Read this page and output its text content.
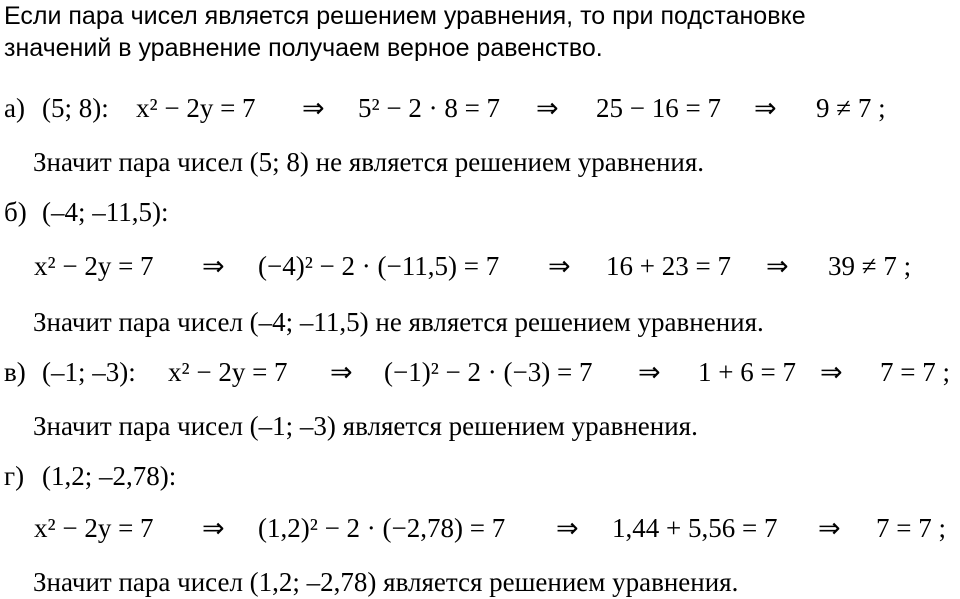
Если пара чисел является решением уравнения, то при подстановке
значений в уравнение получаем верное равенство.
а) (5; 8): x² − 2y = 7 ⇒ 5² − 2 · 8 = 7 ⇒ 25 − 16 = 7 ⇒ 9 ≠ 7 ;
Значит пара чисел (5; 8) не является решением уравнения.
б) (–4; –11,5):
x² − 2y = 7 ⇒ (−4)² − 2 · (−11,5) = 7 ⇒ 16 + 23 = 7 ⇒ 39 ≠ 7 ;
Значит пара чисел (–4; –11,5) не является решением уравнения.
в) (–1; –3): x² − 2y = 7 ⇒ (−1)² − 2 · (−3) = 7 ⇒ 1 + 6 = 7 ⇒ 7 = 7 ;
Значит пара чисел (–1; –3) является решением уравнения.
г) (1,2; –2,78):
x² − 2y = 7 ⇒ (1,2)² − 2 · (−2,78) = 7 ⇒ 1,44 + 5,56 = 7 ⇒ 7 = 7 ;
Значит пара чисел (1,2; –2,78) является решением уравнения.
